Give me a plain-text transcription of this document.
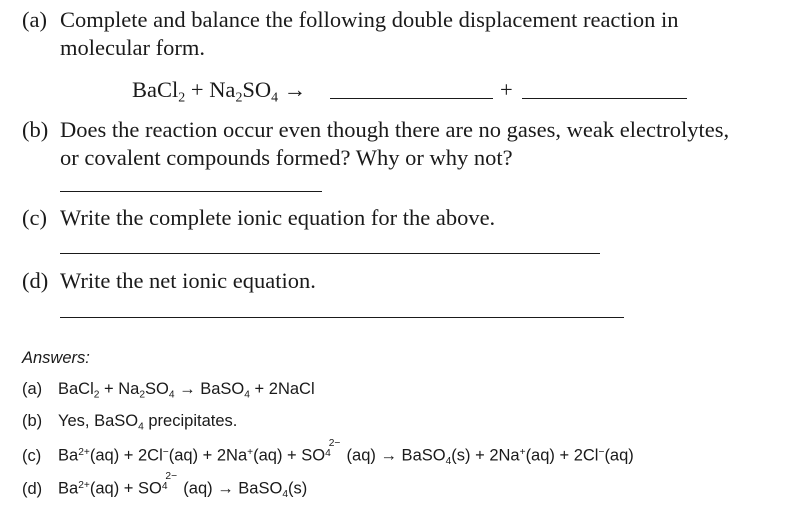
(a) Complete and balance the following double displacement reaction in
molecular form.
BaCl$_2$ + $Na_2SO_4$ →	+
(b) Does the reaction occur even though there are no gases, weak electrolytes,
or covalent compounds formed? Why or why not?
(c) Write the complete ionic equation for the above.
(d) Write the net ionic equation.
Answers:
(a) BaCl$_2$ + $Na_2SO_4$ → BaSO$_4$ + 2NaCl
(b) Yes, BaSO$_4$ precipitates.
(c) $Ba^{2+}(aq) + 2Cl^-(aq) + 2Na^+(aq)$ + SO
2−
4 (aq) → BaSO$_4$(s) + 2Na+(aq) + 2Cl−(aq)
(d) $Ba^{2+}(aq)$ + SO
2−
4 (aq) → BaSO$_4$(s)
